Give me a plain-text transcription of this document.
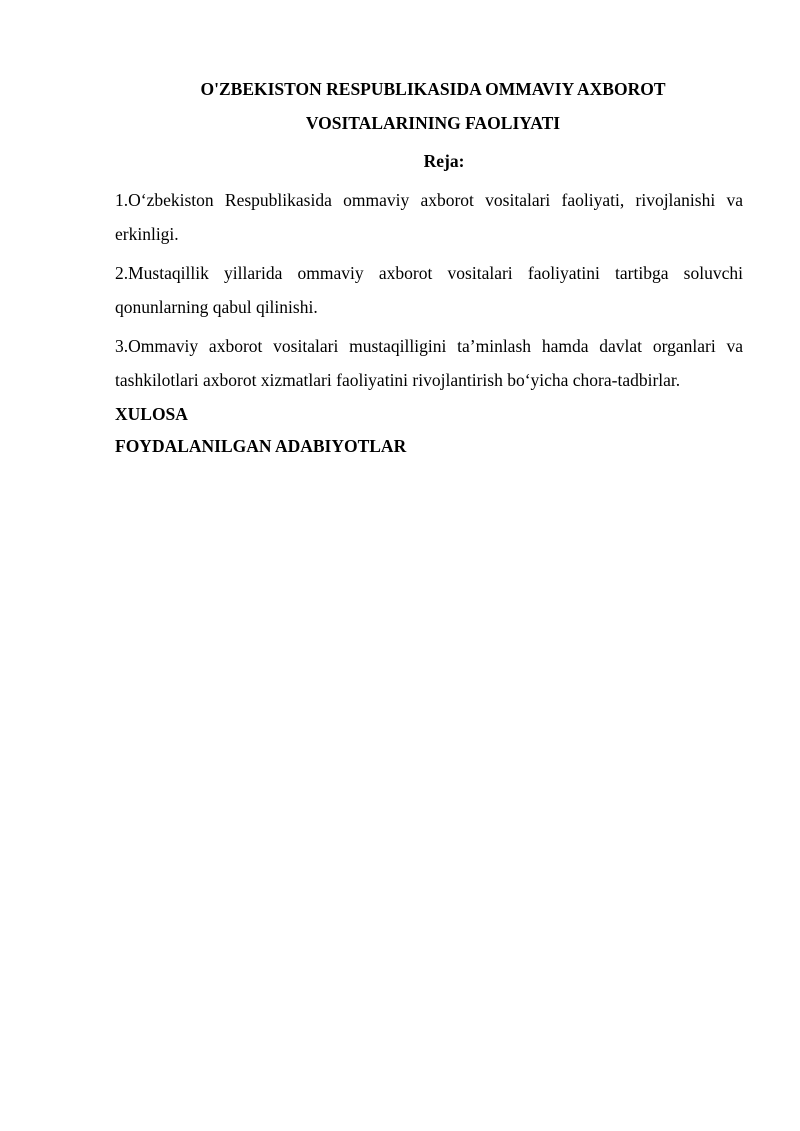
O'ZBEKISTON RESPUBLIKASIDA OMMAVIY AXBOROT
VOSITALARINING FAOLIYATI

Reja:

1.O‘zbekiston Respublikasida ommaviy axborot vositalari faoliyati, rivojlanishi va
erkinligi.

2.Mustaqillik yillarida ommaviy axborot vositalari faoliyatini tartibga soluvchi
qonunlarning qabul qilinishi.

3.Ommaviy axborot vositalari mustaqilligini ta’minlash hamda davlat organlari va
tashkilotlari axborot xizmatlari faoliyatini rivojlantirish bo‘yicha chora-tadbirlar.

XULOSA

FOYDALANILGAN ADABIYOTLAR
